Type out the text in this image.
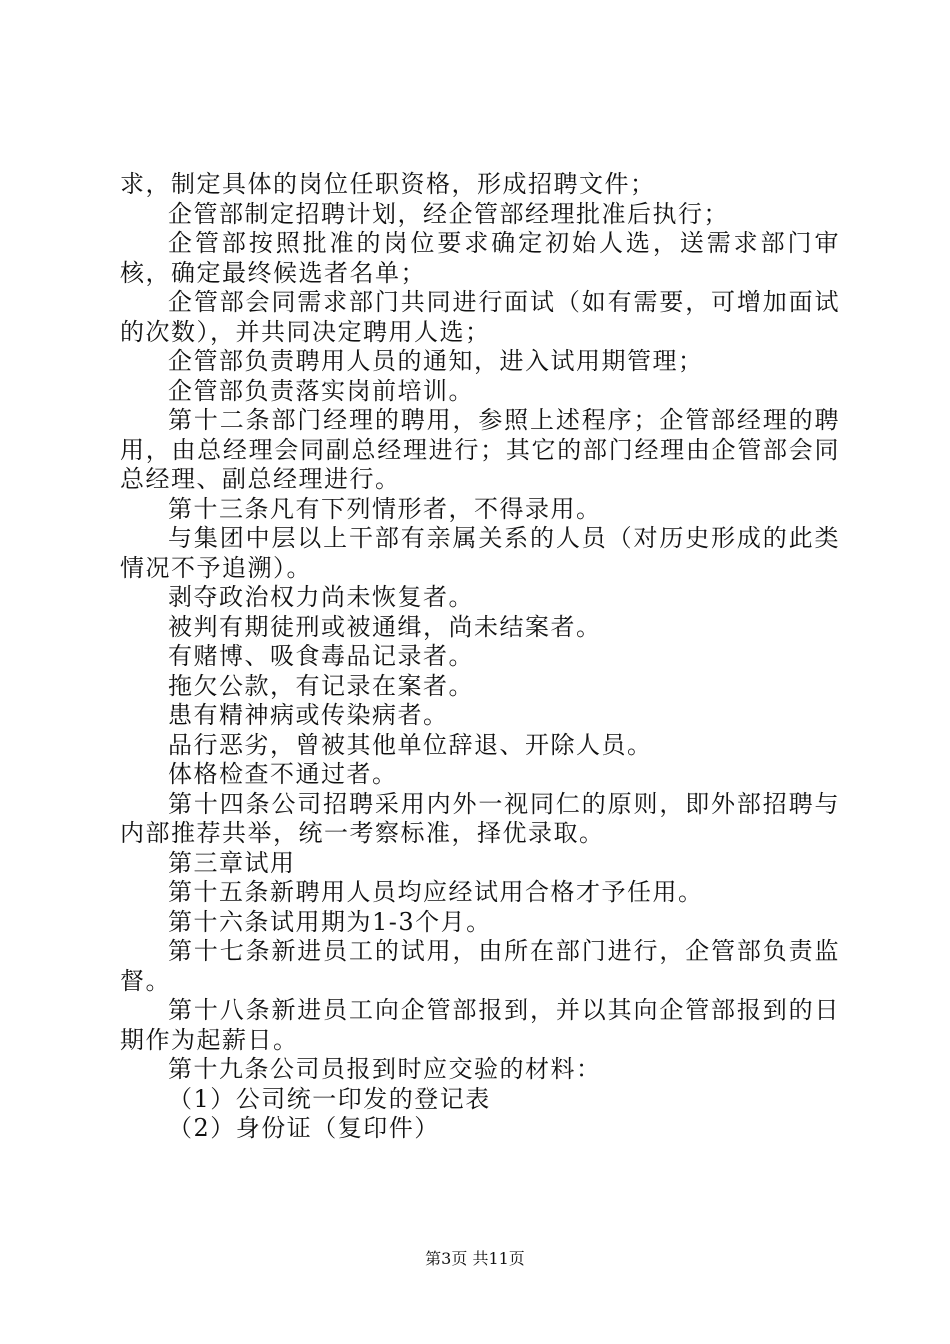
求，制定具体的岗位任职资格，形成招聘文件；

企管部制定招聘计划，经企管部经理批准后执行；

企管部按照批准的岗位要求确定初始人选，送需求部门审核，确定最终候选者名单；

企管部会同需求部门共同进行面试（如有需要，可增加面试的次数），并共同决定聘用人选；

企管部负责聘用人员的通知，进入试用期管理；

企管部负责落实岗前培训。

第十二条部门经理的聘用，参照上述程序；企管部经理的聘用，由总经理会同副总经理进行；其它的部门经理由企管部会同总经理、副总经理进行。

第十三条凡有下列情形者，不得录用。

与集团中层以上干部有亲属关系的人员（对历史形成的此类情况不予追溯）。

剥夺政治权力尚未恢复者。

被判有期徒刑或被通缉，尚未结案者。

有赌博、吸食毒品记录者。

拖欠公款，有记录在案者。

患有精神病或传染病者。

品行恶劣，曾被其他单位辞退、开除人员。

体格检查不通过者。

第十四条公司招聘采用内外一视同仁的原则，即外部招聘与内部推荐共举，统一考察标准，择优录取。

第三章试用

第十五条新聘用人员均应经试用合格才予任用。

第十六条试用期为1-3个月。

第十七条新进员工的试用，由所在部门进行，企管部负责监督。

第十八条新进员工向企管部报到，并以其向企管部报到的日期作为起薪日。

第十九条公司员报到时应交验的材料：

（1）公司统一印发的登记表

（2）身份证（复印件）

第3页 共11页
